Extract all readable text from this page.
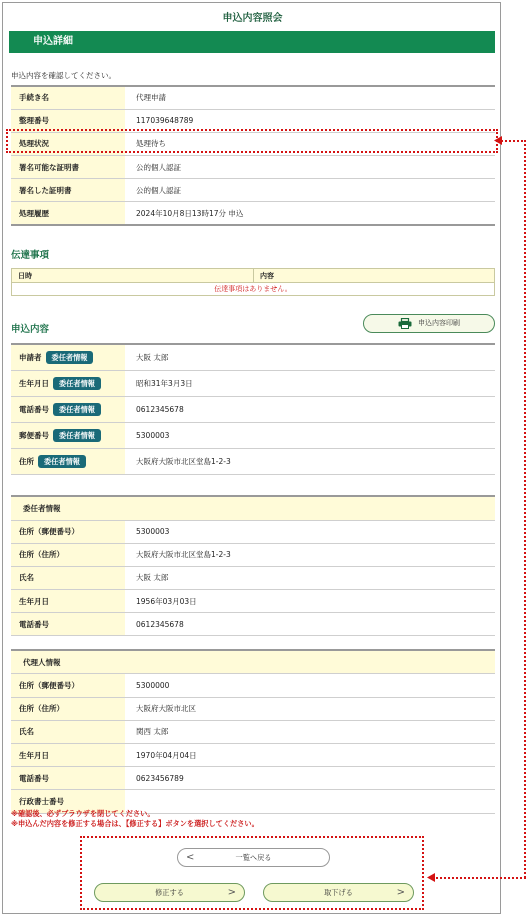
申込内容照会
申込詳細
申込内容を確認してください。
手続き名	代理申請
整理番号	117039648789
処理状況	処理待ち
署名可能な証明書	公的個人認証
署名した証明書	公的個人認証
処理履歴	2024年10月8日13時17分 申込
伝達事項
日時	内容
伝達事項はありません。
申込内容
申込内容印刷
申請者 委任者情報	大阪 太郎

生年月日 委任者情報	昭和31年3月3日

電話番号 委任者情報	0612345678

郵便番号 委任者情報	5300003

住所 委任者情報	大阪府大阪市北区堂島1-2-3

委任者情報	
住所（郵便番号）	5300003
住所（住所）	大阪府大阪市北区堂島1-2-3
氏名	大阪 太郎
生年月日	1956年03月03日
電話番号	0612345678

代理人情報	
住所（郵便番号）	5300000
住所（住所）	大阪府大阪市北区
氏名	関西 太郎
生年月日	1970年04月04日
電話番号	0623456789
行政書士番号	
※確認後、必ずブラウザを閉じてください。
※申込んだ内容を修正する場合は、【修正する】ボタンを選択してください。
<	一覧へ戻る
修正する	>	取下げる	>
